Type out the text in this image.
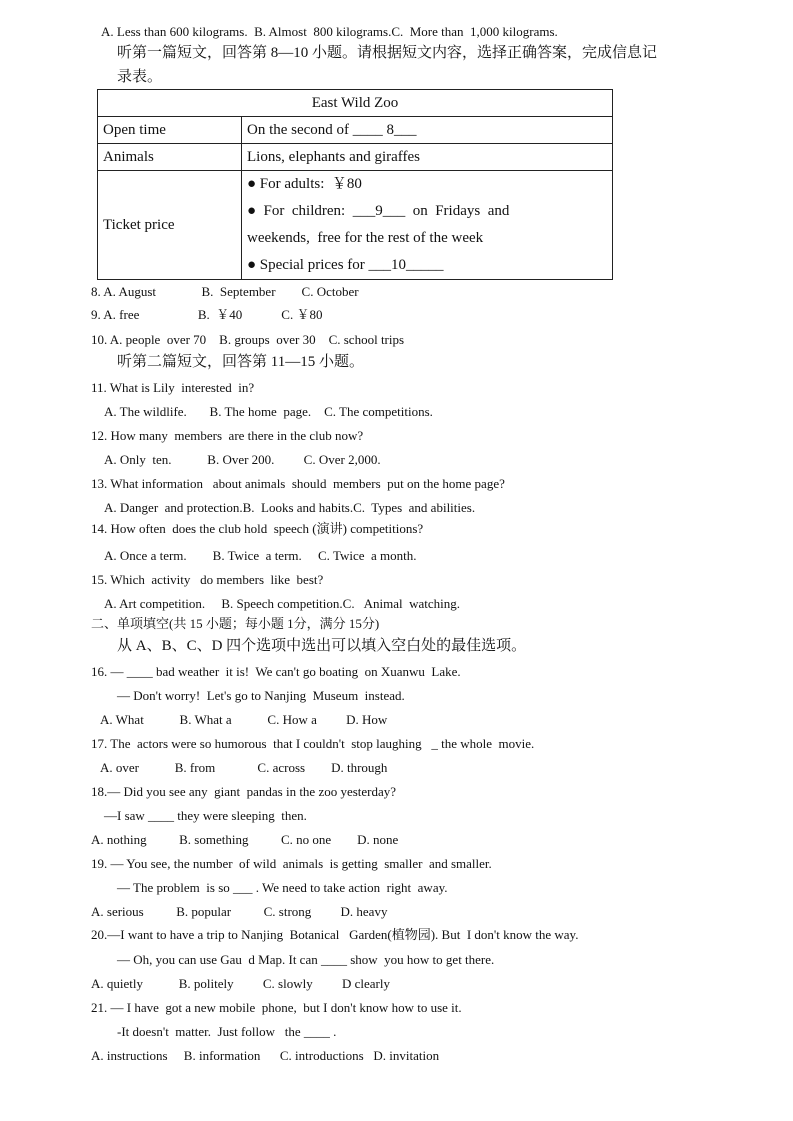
A. Less than 600 kilograms.  B. Almost  800 kilograms.C.  More than  1,000 kilograms.
听第一篇短文，回答第 8—10 小题。请根据短文内容，选择正确答案，完成信息记
录表。
East Wild Zoo	
Open time	On the second of ____ 8___
Animals	Lions, elephants and giraffes
Ticket price	● For adults:  ￥80
●  For  children:  ___9___  on  Fridays  and
weekends,  free for the rest of the week
● Special prices for ___10_____
8. A. August              B.  September        C. October
9. A. free                  B.  ￥40            C. ￥80
10. A. people  over 70    B. groups  over 30    C. school trips
听第二篇短文，回答第 11—15 小题。
11. What is Lily  interested  in?
A. The wildlife.       B. The home  page.    C. The competitions.
12. How many  members  are there in the club now?
A. Only  ten.           B. Over 200.         C. Over 2,000.
13. What information   about animals  should  members  put on the home page?
A. Danger  and protection.B.  Looks and habits.C.  Types  and abilities.
14. How often  does the club hold  speech (演讲) competitions?
A. Once a term.        B. Twice  a term.     C. Twice  a month.
15. Which  activity   do members  like  best?
A. Art competition.     B. Speech competition.C.   Animal  watching.
二、单项填空(共 15 小题；每小题 1分，满分 15分)
从 A、B、C、D 四个选项中选出可以填入空白处的最佳选项。
16. — ____ bad weather  it is!  We can't go boating  on Xuanwu  Lake.
— Don't worry!  Let's go to Nanjing  Museum  instead.
A. What           B. What a           C. How a         D. How
17. The  actors were so humorous  that I couldn't  stop laughing   _ the whole  movie.
A. over           B. from             C. across        D. through
18.— Did you see any  giant  pandas in the zoo yesterday?
—I saw ____ they were sleeping  then.
A. nothing          B. something          C. no one        D. none
19. — You see, the number  of wild  animals  is getting  smaller  and smaller.
— The problem  is so ___ . We need to take action  right  away.
A. serious          B. popular          C. strong         D. heavy
20.—I want to have a trip to Nanjing  Botanical   Garden(植物园). But  I don't know the way.
— Oh, you can use Gau  d Map. It can ____ show  you how to get there.
A. quietly           B. politely         C. slowly         D clearly
21. — I have  got a new mobile  phone,  but I don't know how to use it.
-It doesn't  matter.  Just follow   the ____ .
A. instructions     B. information      C. introductions   D. invitation
